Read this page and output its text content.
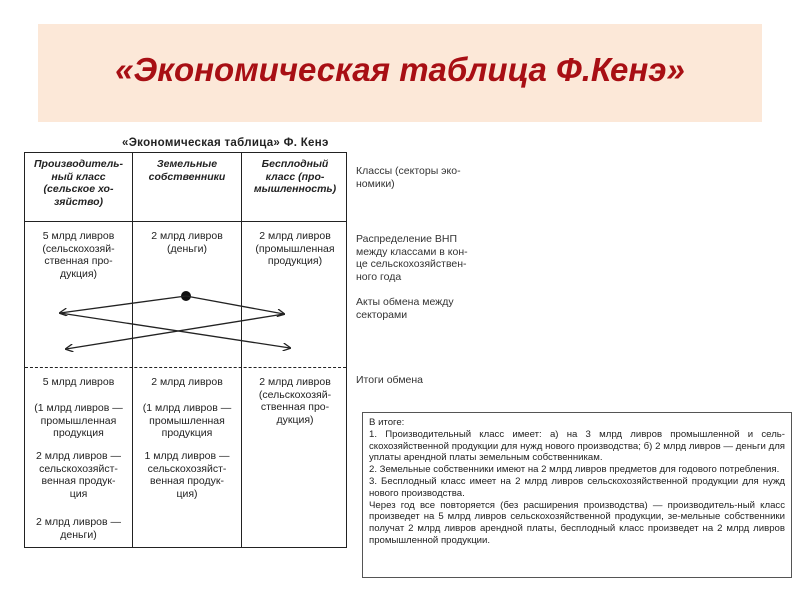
«Экономическая таблица Ф.Кенэ»
«Экономическая таблица» Ф. Кенэ
Производитель-
ный класс
(сельское хо-
зяйство)
Земельные
собственники
Бесплодный
класс (про-
мышленность)
5 млрд ливров
(сельскохозяй-
ственная про-
дукция)
2 млрд ливров
(деньги)
2 млрд ливров
(промышленная
продукция)
5 млрд ливров
(1 млрд ливров —
промышленная
продукция
2 млрд ливров —
сельскохозяйст-
венная продук-
ция
2 млрд ливров —
деньги)
2 млрд ливров
(1 млрд ливров —
промышленная
продукция
1 млрд ливров —
сельскохозяйст-
венная продук-
ция)
2 млрд ливров
(сельскохозяй-
ственная про-
дукция)
Классы (секторы эко-
номики)
Распределение ВНП
между классами в кон-
це сельскохозяйствен-
ного года
Акты обмена между
секторами
Итоги обмена

В итоге:

1. Производительный класс имеет: а) на 3 млрд ливров промышленной и сель-скохозяйственной продукции для нужд нового производства; б) 2 млрд ливров — деньги для уплаты арендной платы земельным собственникам.

2. Земельные собственники имеют на 2 млрд ливров предметов для годового потребления.

3. Бесплодный класс имеет на 2 млрд ливров сельскохозяйственной продукции для нужд нового производства.

Через год все повторяется (без расширения производства) — производитель-ный класс произведет на 5 млрд ливров сельскохозяйственной продукции, зе-мельные собственники получат 2 млрд ливров арендной платы, бесплодный класс произведет на 2 млрд ливров промышленной продукции.
